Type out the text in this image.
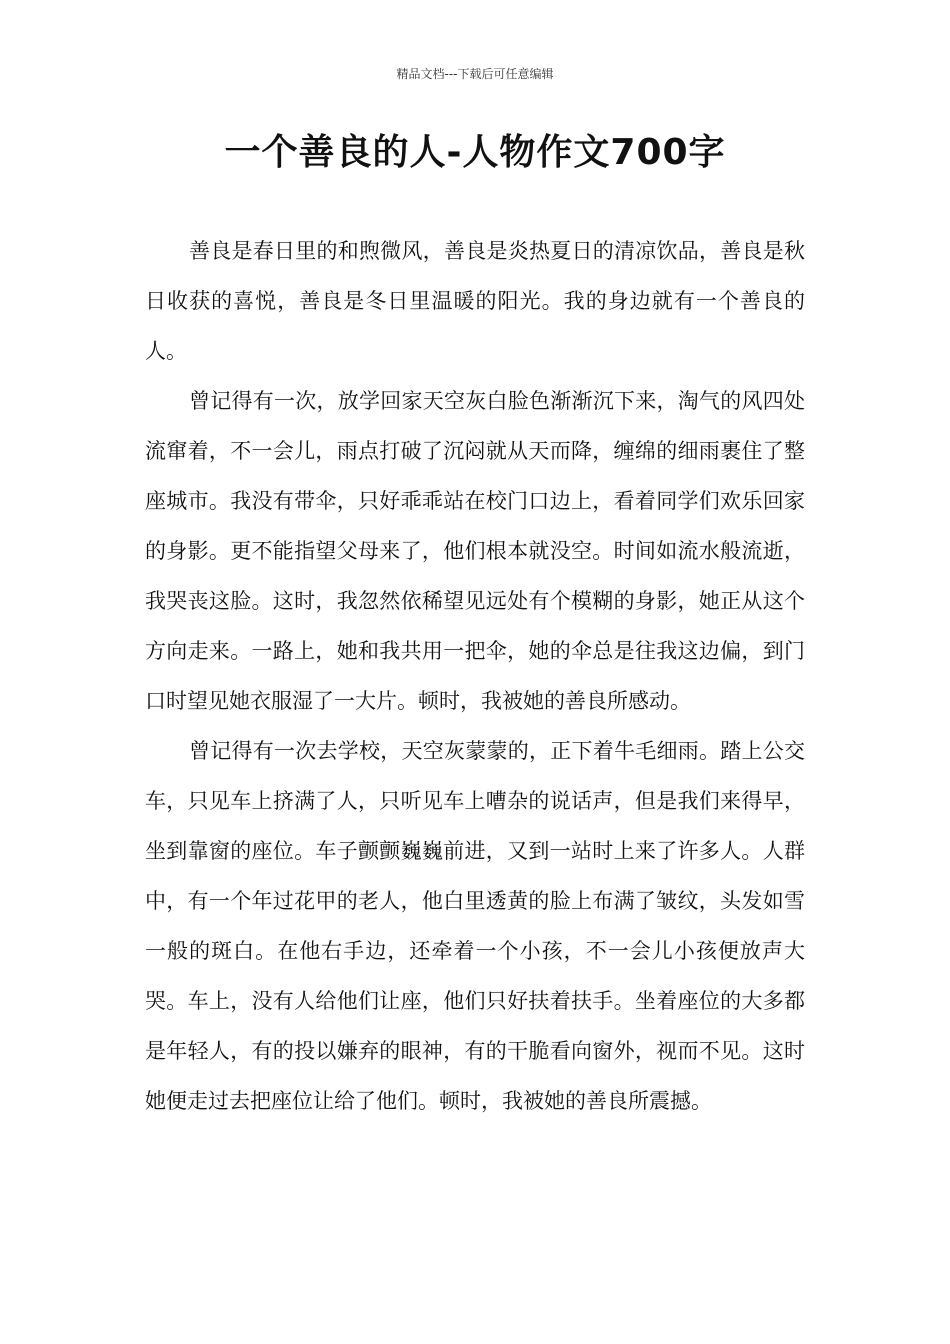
精品文档---下载后可任意编辑
一个善良的人-人物作文700字

善良是春日里的和煦微风，善良是炎热夏日的清凉饮品，善良是秋日收获的喜悦，善良是冬日里温暖的阳光。我的身边就有一个善良的人。

曾记得有一次，放学回家天空灰白脸色渐渐沉下来，淘气的风四处流窜着，不一会儿，雨点打破了沉闷就从天而降，缠绵的细雨裹住了整座城市。我没有带伞，只好乖乖站在校门口边上，看着同学们欢乐回家的身影。更不能指望父母来了，他们根本就没空。时间如流水般流逝，我哭丧这脸。这时，我忽然依稀望见远处有个模糊的身影，她正从这个方向走来。一路上，她和我共用一把伞，她的伞总是往我这边偏，到门口时望见她衣服湿了一大片。顿时，我被她的善良所感动。

曾记得有一次去学校，天空灰蒙蒙的，正下着牛毛细雨。踏上公交车，只见车上挤满了人，只听见车上嘈杂的说话声，但是我们来得早，坐到靠窗的座位。车子颤颤巍巍前进，又到一站时上来了许多人。人群中，有一个年过花甲的老人，他白里透黄的脸上布满了皱纹，头发如雪一般的斑白。在他右手边，还牵着一个小孩，不一会儿小孩便放声大哭。车上，没有人给他们让座，他们只好扶着扶手。坐着座位的大多都是年轻人，有的投以嫌弃的眼神，有的干脆看向窗外，视而不见。这时她便走过去把座位让给了他们。顿时，我被她的善良所震撼。
